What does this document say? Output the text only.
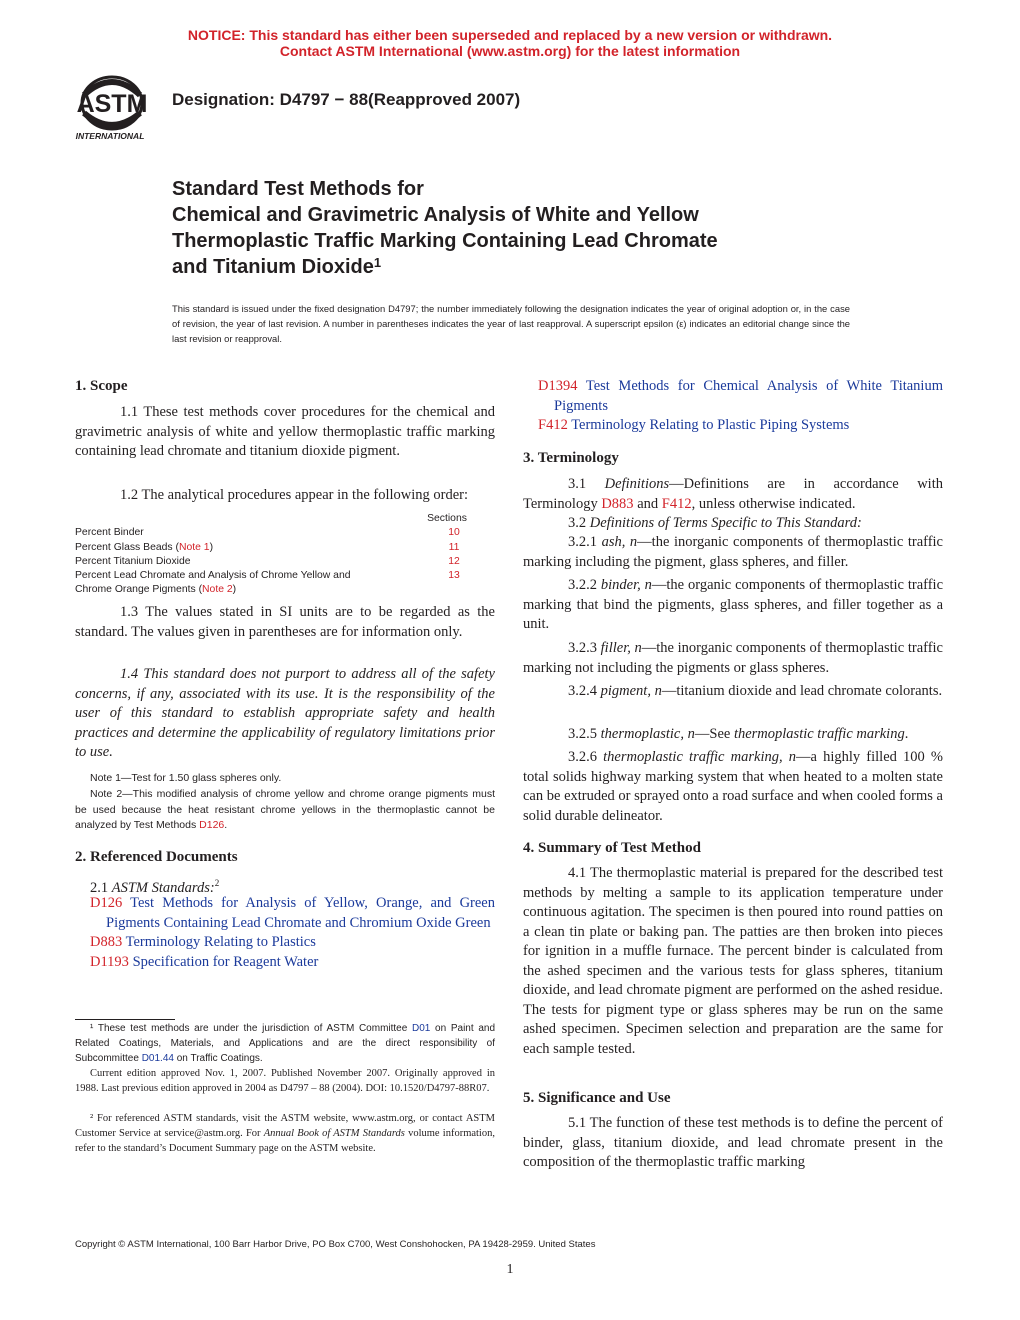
NOTICE: This standard has either been superseded and replaced by a new version or withdrawn.
Contact ASTM International (www.astm.org) for the latest information
ASTM
INTERNATIONAL
Designation: D4797 − 88(Reapproved 2007)
Standard Test Methods for
Chemical and Gravimetric Analysis of White and Yellow
Thermoplastic Traffic Marking Containing Lead Chromate
and Titanium Dioxide$^1$
This standard is issued under the fixed designation D4797; the number immediately following the designation indicates the year of original adoption or, in the case of revision, the year of last revision. A number in parentheses indicates the year of last reapproval. A superscript epsilon (ε) indicates an editorial change since the last revision or reapproval.
1. Scope
1.1 These test methods cover procedures for the chemical and gravimetric analysis of white and yellow thermoplastic traffic marking containing lead chromate and titanium dioxide pigment.
1.2 The analytical procedures appear in the following order:
Sections
Percent Binder	10
Percent Glass Beads (Note 1)	11
Percent Titanium Dioxide	12
Percent Lead Chromate and Analysis of Chrome Yellow and	13
Chrome Orange Pigments (Note 2)
1.3 The values stated in SI units are to be regarded as the standard. The values given in parentheses are for information only.
1.4 This standard does not purport to address all of the safety concerns, if any, associated with its use. It is the responsibility of the user of this standard to establish appropriate safety and health practices and determine the applicability of regulatory limitations prior to use.
Note 1—Test for 1.50 glass spheres only.
Note 2—This modified analysis of chrome yellow and chrome orange pigments must be used because the heat resistant chrome yellows in the thermoplastic cannot be analyzed by Test Methods D126.
2. Referenced Documents
2.1 ASTM Standards:$^2$
D126 Test Methods for Analysis of Yellow, Orange, and Green Pigments Containing Lead Chromate and Chromium Oxide Green
D883 Terminology Relating to Plastics
D1193 Specification for Reagent Water
¹ These test methods are under the jurisdiction of ASTM Committee D01 on Paint and Related Coatings, Materials, and Applications and are the direct responsibility of Subcommittee D01.44 on Traffic Coatings.
Current edition approved Nov. 1, 2007. Published November 2007. Originally approved in 1988. Last previous edition approved in 2004 as D4797 – 88 (2004). DOI: 10.1520/D4797-88R07.
² For referenced ASTM standards, visit the ASTM website, www.astm.org, or contact ASTM Customer Service at service@astm.org. For Annual Book of ASTM Standards volume information, refer to the standard’s Document Summary page on the ASTM website.
D1394 Test Methods for Chemical Analysis of White Titanium Pigments
F412 Terminology Relating to Plastic Piping Systems
3. Terminology
3.1 Definitions—Definitions are in accordance with Terminology D883 and F412, unless otherwise indicated.
3.2 Definitions of Terms Specific to This Standard:
3.2.1 ash, n—the inorganic components of thermoplastic traffic marking including the pigment, glass spheres, and filler.
3.2.2 binder, n—the organic components of thermoplastic traffic marking that bind the pigments, glass spheres, and filler together as a unit.
3.2.3 filler, n—the inorganic components of thermoplastic traffic marking not including the pigments or glass spheres.
3.2.4 pigment, n—titanium dioxide and lead chromate colorants.
3.2.5 thermoplastic, n—See thermoplastic traffic marking.
3.2.6 thermoplastic traffic marking, n—a highly filled 100 % total solids highway marking system that when heated to a molten state can be extruded or sprayed onto a road surface and when cooled forms a solid durable delineator.
4. Summary of Test Method
4.1 The thermoplastic material is prepared for the described test methods by melting a sample to its application temperature under continuous agitation. The specimen is then poured into round patties on a clean tin plate or baking pan. The patties are then broken into pieces for ignition in a muffle furnace. The percent binder is calculated from the ashed specimen and the various tests for glass spheres, titanium dioxide, and lead chromate pigment are performed on the ashed residue. The tests for pigment type or glass spheres may be run on the same ashed specimen. Specimen selection and preparation are the same for each sample tested.
5. Significance and Use
5.1 The function of these test methods is to define the percent of binder, glass, titanium dioxide, and lead chromate present in the composition of the thermoplastic traffic marking
Copyright © ASTM International, 100 Barr Harbor Drive, PO Box C700, West Conshohocken, PA 19428-2959. United States
1
